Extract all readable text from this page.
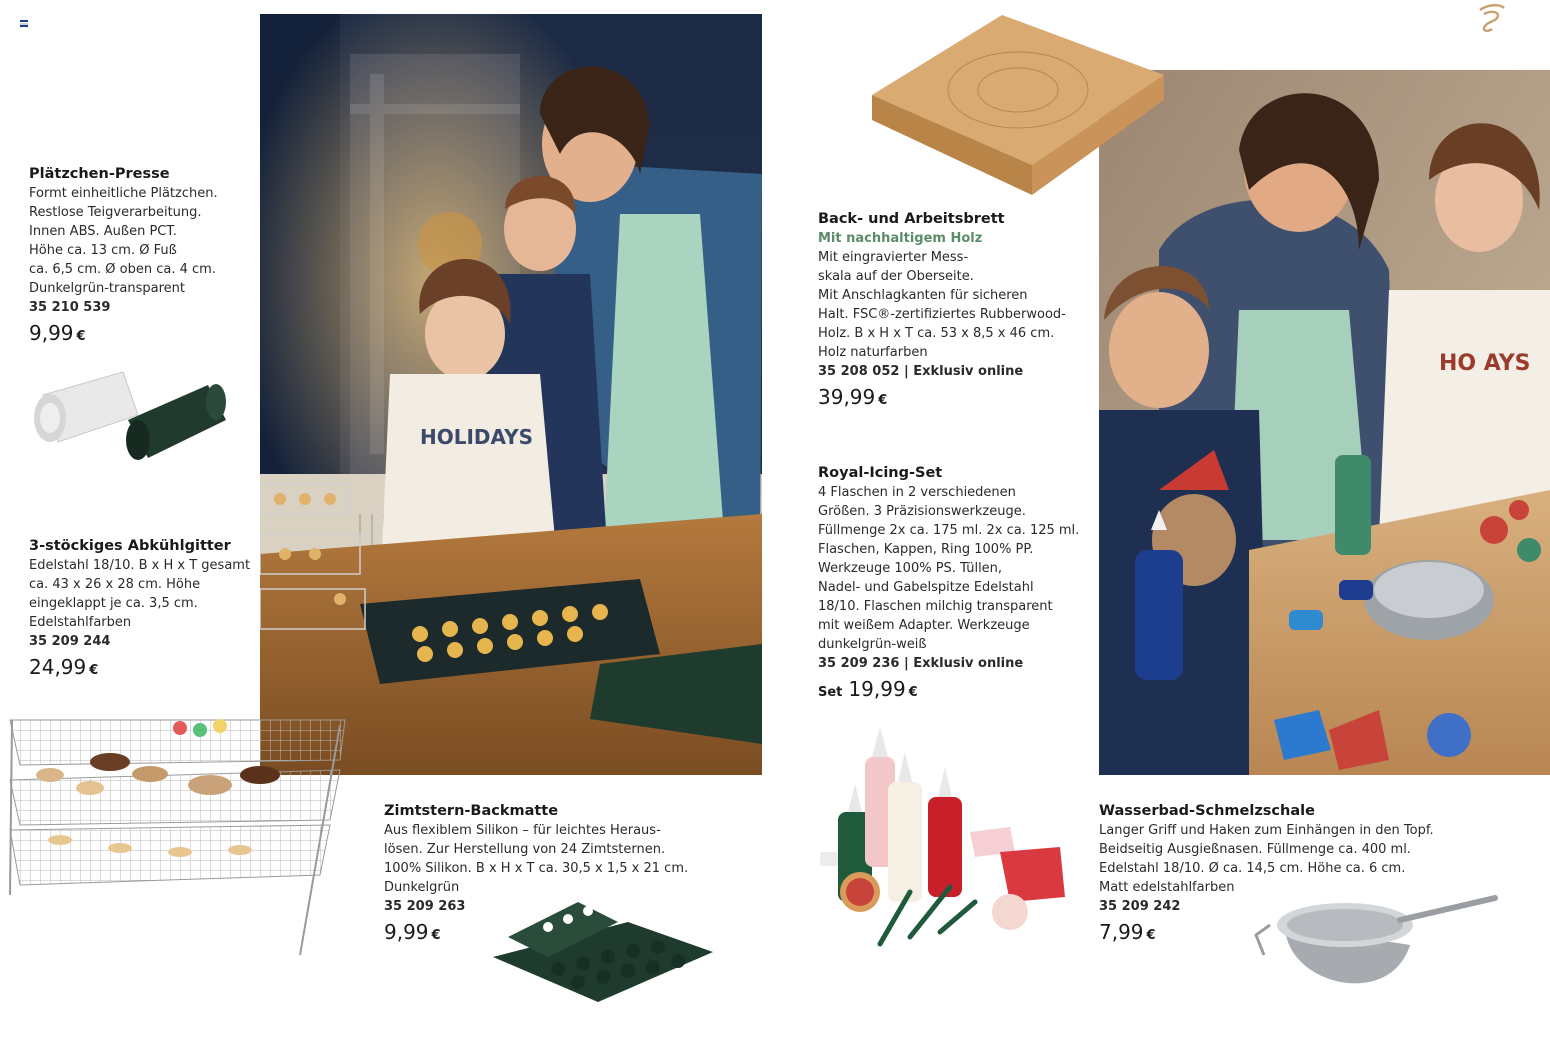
HOLIDAYS
HO AYS
Plätzchen-Presse
Formt einheitliche Plätzchen.
Restlose Teigverarbeitung.
Innen ABS. Außen PCT.
Höhe ca. 13 cm. Ø Fuß
ca. 6,5 cm. Ø oben ca. 4 cm.
Dunkelgrün-transparent
35 210 539
9,99 €
3-stöckiges Abkühlgitter
Edelstahl 18/10. B x H x T gesamt
ca. 43 x 26 x 28 cm. Höhe
eingeklappt je ca. 3,5 cm.
Edelstahlfarben
35 209 244
24,99 €
Zimtstern-Backmatte
Aus flexiblem Silikon – für leichtes Heraus-
lösen. Zur Herstellung von 24 Zimtsternen.
100% Silikon. B x H x T ca. 30,5 x 1,5 x 21 cm.
Dunkelgrün
35 209 263
9,99 €
Back- und Arbeitsbrett
Mit nachhaltigem Holz
Mit eingravierter Mess-
skala auf der Oberseite.
Mit Anschlagkanten für sicheren
Halt. FSC®-zertifiziertes Rubberwood-
Holz. B x H x T ca. 53 x 8,5 x 46 cm.
Holz naturfarben
35 208 052 | Exklusiv online
39,99 €
Royal-Icing-Set
4 Flaschen in 2 verschiedenen
Größen. 3 Präzisionswerkzeuge.
Füllmenge 2x ca. 175 ml. 2x ca. 125 ml.
Flaschen, Kappen, Ring 100% PP.
Werkzeuge 100% PS. Tüllen,
Nadel- und Gabelspitze Edelstahl
18/10. Flaschen milchig transparent
mit weißem Adapter. Werkzeuge
dunkelgrün-weiß
35 209 236 | Exklusiv online
Set 19,99 €
Wasserbad-Schmelzschale
Langer Griff und Haken zum Einhängen in den Topf.
Beidseitig Ausgießnasen. Füllmenge ca. 400 ml.
Edelstahl 18/10. Ø ca. 14,5 cm. Höhe ca. 6 cm.
Matt edelstahlfarben
35 209 242
7,99 €
